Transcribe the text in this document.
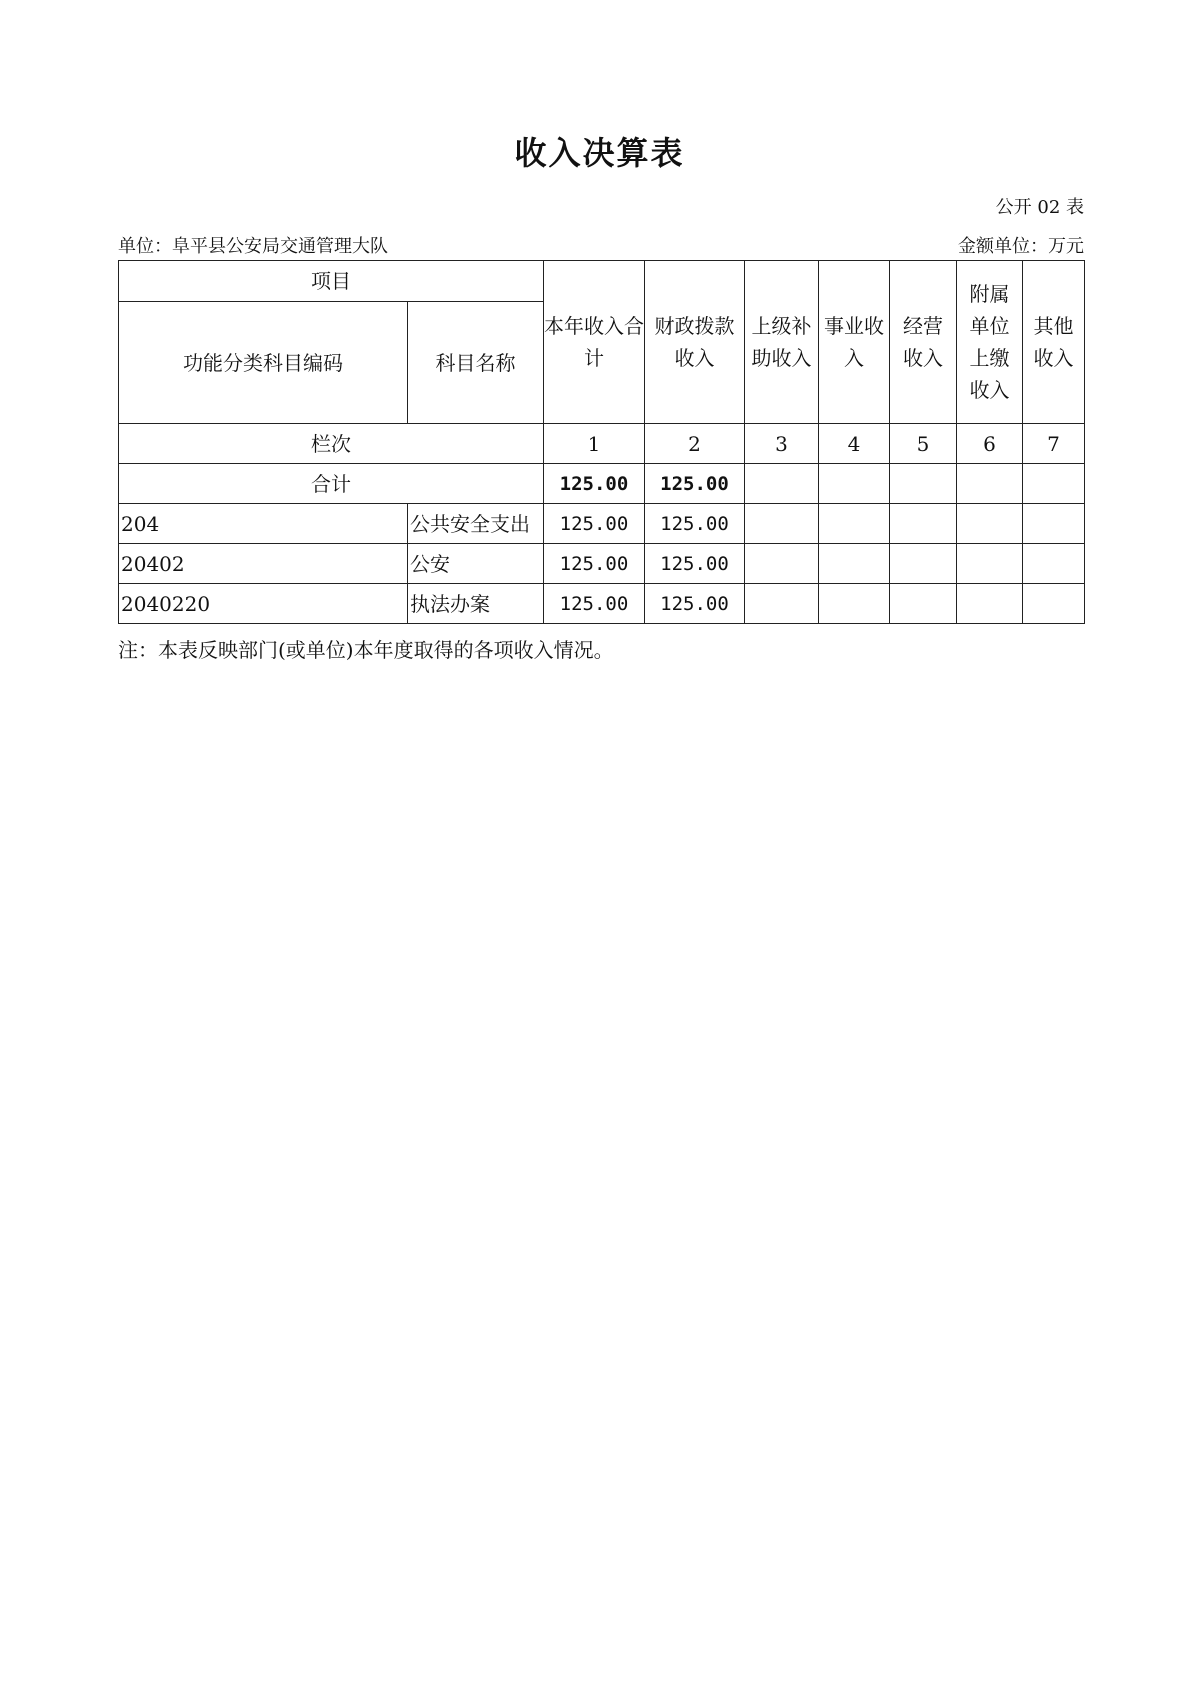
收入决算表
公开 02 表
单位：阜平县公安局交通管理大队	金额单位：万元
项目		本年收入合计	财政拨款收入	上级补助收入	事业收入	经营收入	附属单位上缴收入	其他收入
功能分类科目编码	科目名称							
栏次		1	2	3	4	5	6	7
合计		125.00	125.00					
204	公共安全支出	125.00	125.00					
20402	公安	125.00	125.00					
2040220	执法办案	125.00	125.00					
注：本表反映部门(或单位)本年度取得的各项收入情况。
